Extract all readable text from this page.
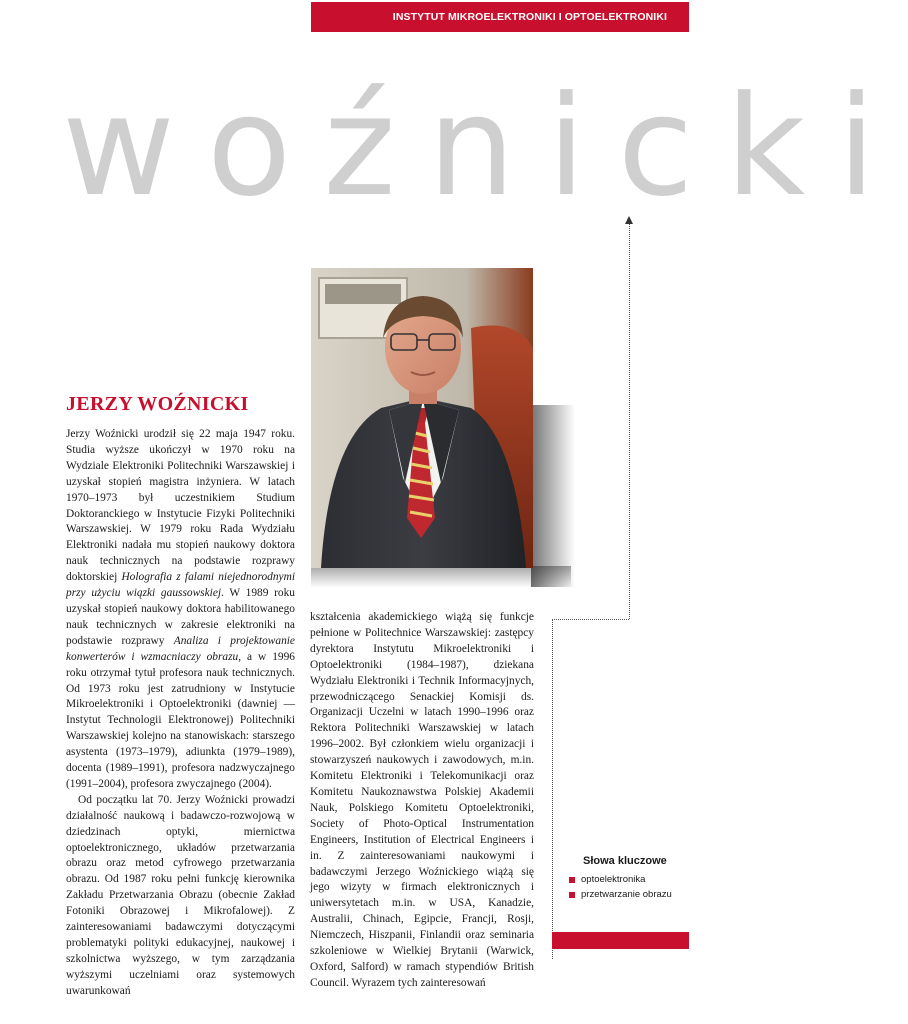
INSTYTUT MIKROELEKTRONIKI I OPTOELEKTRONIKI
woźnicki
JERZY WOŹNICKI

Jerzy Woźnicki urodził się 22 maja 1947 roku. Studia wyższe ukończył w 1970 roku na Wydziale Elektroniki Politechniki Warszawskiej i uzyskał stopień magistra inżyniera. W latach 1970–1973 był uczestnikiem Studium Doktoranckiego w Instytucie Fizyki Politechniki Warszawskiej. W 1979 roku Rada Wydziału Elektroniki nadała mu stopień naukowy doktora nauk technicznych na podstawie rozprawy doktorskiej Holografia z falami niejednorodnymi przy użyciu wiązki gaussowskiej. W 1989 roku uzyskał stopień naukowy doktora habilitowanego nauk technicznych w zakresie elektroniki na podstawie rozprawy Analiza i projektowanie konwerterów i wzmacniaczy obrazu, a w 1996 roku otrzymał tytuł profesora nauk technicznych. Od 1973 roku jest zatrudniony w Instytucie Mikroelektroniki i Optoelektroniki (dawniej — Instytut Technologii Elektronowej) Politechniki Warszawskiej kolejno na stanowiskach: starszego asystenta (1973–1979), adiunkta (1979–1989), docenta (1989–1991), profesora nadzwyczajnego (1991–2004), profesora zwyczajnego (2004).

Od początku lat 70. Jerzy Woźnicki prowadzi działalność naukową i badawczo-rozwojową w dziedzinach optyki, miernictwa optoelektronicznego, układów przetwarzania obrazu oraz metod cyfrowego przetwarzania obrazu. Od 1987 roku pełni funkcję kierownika Zakładu Przetwarzania Obrazu (obecnie Zakład Fotoniki Obrazowej i Mikrofalowej). Z zainteresowaniami badawczymi dotyczącymi problematyki polityki edukacyjnej, naukowej i szkolnictwa wyższego, w tym zarządzania wyższymi uczelniami oraz systemowych uwarunkowań

kształcenia akademickiego wiążą się funkcje pełnione w Politechnice Warszawskiej: zastępcy dyrektora Instytutu Mikroelektroniki i Optoelektroniki (1984–1987), dziekana Wydziału Elektroniki i Technik Informacyjnych, przewodniczącego Senackiej Komisji ds. Organizacji Uczelni w latach 1990–1996 oraz Rektora Politechniki Warszawskiej w latach 1996–2002. Był członkiem wielu organizacji i stowarzyszeń naukowych i zawodowych, m.in. Komitetu Elektroniki i Telekomunikacji oraz Komitetu Naukoznawstwa Polskiej Akademii Nauk, Polskiego Komitetu Optoelektroniki, Society of Photo-Optical Instrumentation Engineers, Institution of Electrical Engineers i in. Z zainteresowaniami naukowymi i badawczymi Jerzego Woźnickiego wiążą się jego wizyty w firmach elektronicznych i uniwersytetach m.in. w USA, Kanadzie, Australii, Chinach, Egipcie, Francji, Rosji, Niemczech, Hiszpanii, Finlandii oraz seminaria szkoleniowe w Wielkiej Brytanii (Warwick, Oxford, Salford) w ramach stypendiów British Council. Wyrazem tych zainteresowań

Słowa kluczowe
optoelektronika
przetwarzanie obrazu
